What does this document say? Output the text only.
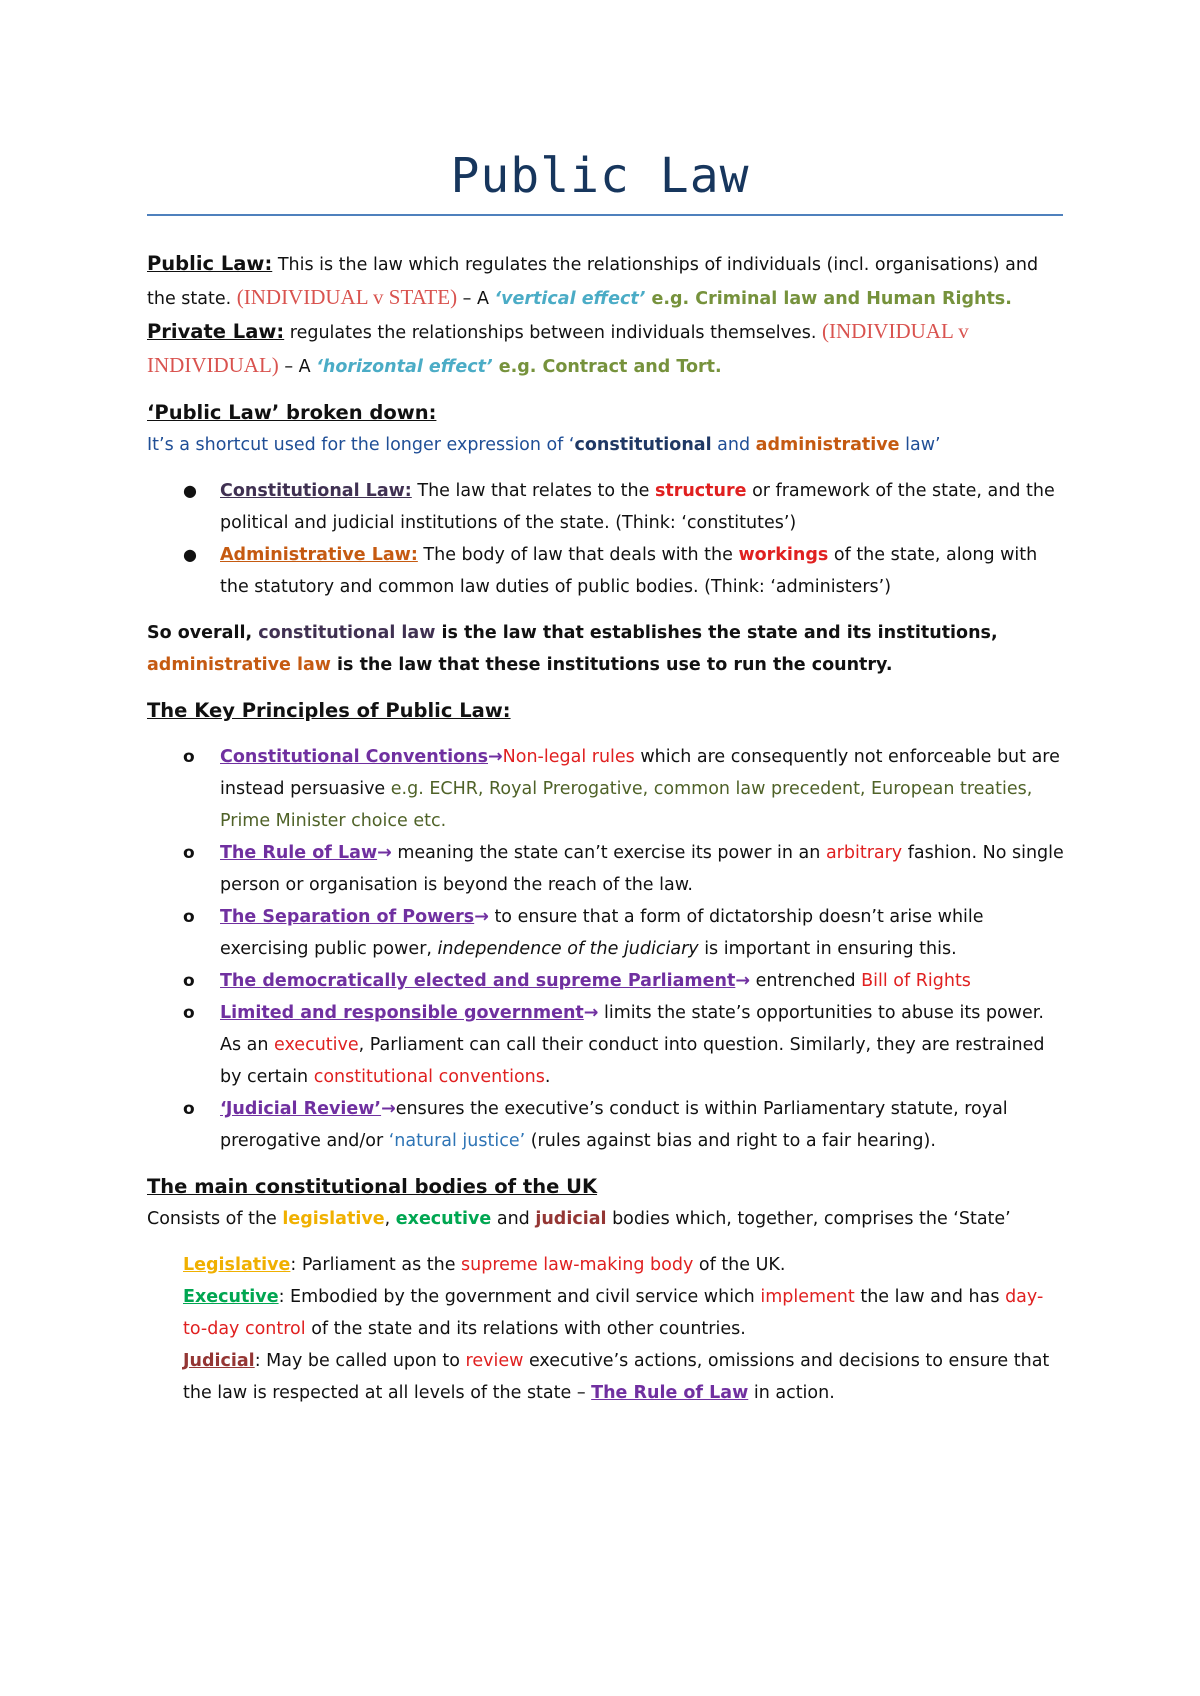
Public Law

Public Law: This is the law which regulates the relationships of individuals (incl. organisations) and the state. (INDIVIDUAL v STATE) – A ‘vertical effect’ e.g. Criminal law and Human Rights.

Private Law: regulates the relationships between individuals themselves. (INDIVIDUAL v INDIVIDUAL) – A ‘horizontal effect’ e.g. Contract and Tort.

‘Public Law’ broken down:

It’s a shortcut used for the longer expression of ‘constitutional and administrative law’

● Constitutional Law: The law that relates to the structure or framework of the state, and the political and judicial institutions of the state. (Think: ‘constitutes’)
● Administrative Law: The body of law that deals with the workings of the state, along with the statutory and common law duties of public bodies. (Think: ‘administers’)

So overall, constitutional law is the law that establishes the state and its institutions, administrative law is the law that these institutions use to run the country.

The Key Principles of Public Law:

o Constitutional Conventions→Non-legal rules which are consequently not enforceable but are instead persuasive e.g. ECHR, Royal Prerogative, common law precedent, European treaties, Prime Minister choice etc.
o The Rule of Law→ meaning the state can’t exercise its power in an arbitrary fashion. No single person or organisation is beyond the reach of the law.
o The Separation of Powers→ to ensure that a form of dictatorship doesn’t arise while exercising public power, independence of the judiciary is important in ensuring this.
o The democratically elected and supreme Parliament→ entrenched Bill of Rights
o Limited and responsible government→ limits the state’s opportunities to abuse its power. As an executive, Parliament can call their conduct into question. Similarly, they are restrained by certain constitutional conventions.
o ‘Judicial Review’→ensures the executive’s conduct is within Parliamentary statute, royal prerogative and/or ‘natural justice’ (rules against bias and right to a fair hearing).

The main constitutional bodies of the UK

Consists of the legislative, executive and judicial bodies which, together, comprises the ‘State’

Legislative: Parliament as the supreme law-making body of the UK.

Executive: Embodied by the government and civil service which implement the law and has day-to-day control of the state and its relations with other countries.

Judicial: May be called upon to review executive’s actions, omissions and decisions to ensure that the law is respected at all levels of the state – The Rule of Law in action.
